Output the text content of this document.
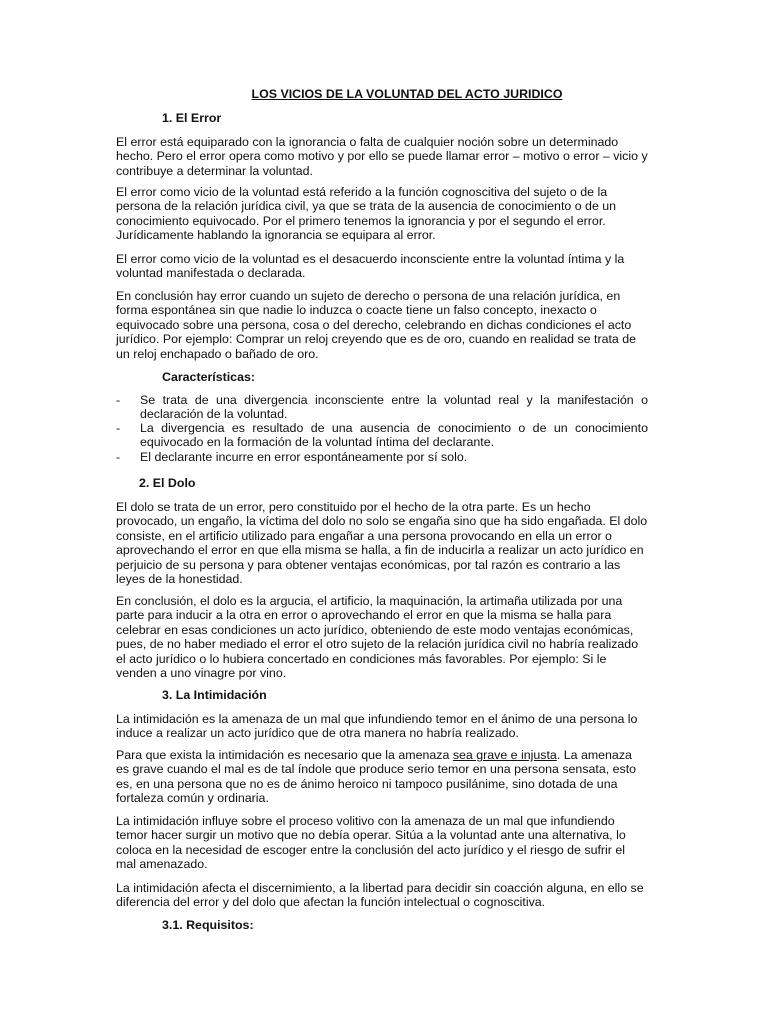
LOS VICIOS DE LA VOLUNTAD DEL ACTO JURIDICO
1. El Error

El error está equiparado con la ignorancia o falta de cualquier noción sobre un determinado hecho. Pero el error opera como motivo y por ello se puede llamar error – motivo o error – vicio y contribuye a determinar la voluntad.

El error como vicio de la voluntad está referido a la función cognoscitiva del sujeto o de la persona de la relación jurídica civil, ya que se trata de la ausencia de conocimiento o de un conocimiento equivocado. Por el primero tenemos la ignorancia y por el segundo el error. Jurídicamente hablando la ignorancia se equipara al error.

El error como vicio de la voluntad es el desacuerdo inconsciente entre la voluntad íntima y la voluntad manifestada o declarada.

En conclusión hay error cuando un sujeto de derecho o persona de una relación jurídica, en forma espontánea sin que nadie lo induzca o coacte tiene un falso concepto, inexacto o equivocado sobre una persona, cosa o del derecho, celebrando en dichas condiciones el acto jurídico. Por ejemplo: Comprar un reloj creyendo que es de oro, cuando en realidad se trata de un reloj enchapado o bañado de oro.

Características:
- Se trata de una divergencia inconsciente entre la voluntad real y la manifestación o declaración de la voluntad.
- La divergencia es resultado de una ausencia de conocimiento o de un conocimiento equivocado en la formación de la voluntad íntima del declarante.
- El declarante incurre en error espontáneamente por sí solo.
2. El Dolo

El dolo se trata de un error, pero constituido por el hecho de la otra parte. Es un hecho provocado, un engaño, la víctima del dolo no solo se engaña sino que ha sido engañada. El dolo consiste, en el artificio utilizado para engañar a una persona provocando en ella un error o aprovechando el error en que ella misma se halla, a fin de inducirla a realizar un acto jurídico en perjuicio de su persona y para obtener ventajas económicas, por tal razón es contrario a las leyes de la honestidad.

En conclusión, el dolo es la argucia, el artificio, la maquinación, la artimaña utilizada por una parte para inducir a la otra en error o aprovechando el error en que la misma se halla para celebrar en esas condiciones un acto jurídico, obteniendo de este modo ventajas económicas, pues, de no haber mediado el error el otro sujeto de la relación jurídica civil no habría realizado el acto jurídico o lo hubiera concertado en condiciones más favorables. Por ejemplo: Si le venden a uno vinagre por vino.

3. La Intimidación

La intimidación es la amenaza de un mal que infundiendo temor en el ánimo de una persona lo induce a realizar un acto jurídico que de otra manera no habría realizado.

Para que exista la intimidación es necesario que la amenaza sea grave e injusta. La amenaza es grave cuando el mal es de tal índole que produce serio temor en una persona sensata, esto es, en una persona que no es de ánimo heroico ni tampoco pusilánime, sino dotada de una fortaleza común y ordinaria.

La intimidación influye sobre el proceso volitivo con la amenaza de un mal que infundiendo temor hacer surgir un motivo que no debía operar. Sitúa a la voluntad ante una alternativa, lo coloca en la necesidad de escoger entre la conclusión del acto jurídico y el riesgo de sufrir el mal amenazado.

La intimidación afecta el discernimiento, a la libertad para decidir sin coacción alguna, en ello se diferencia del error y del dolo que afectan la función intelectual o cognoscitiva.

3.1. Requisitos:
